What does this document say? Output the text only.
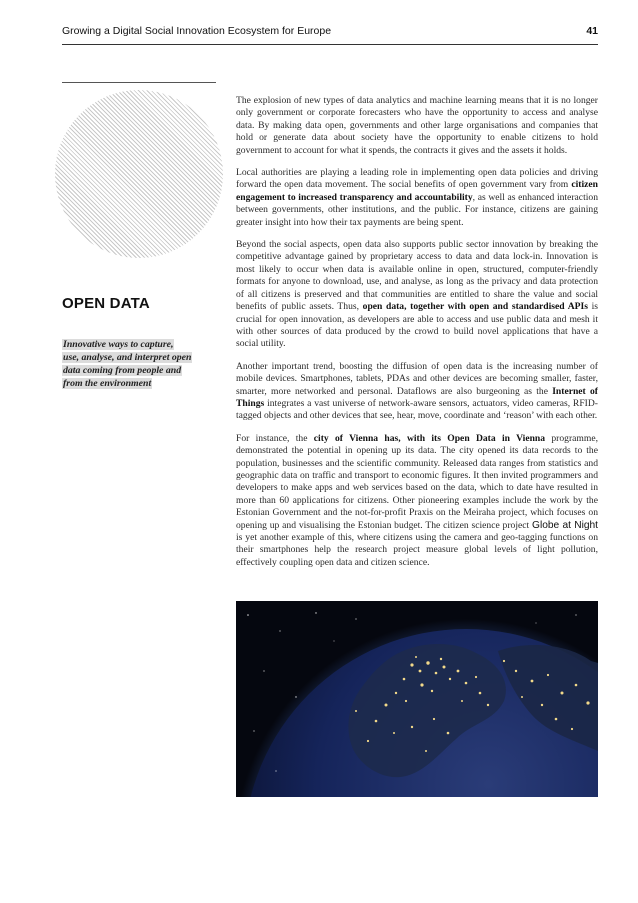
Growing a Digital Social Innovation Ecosystem for Europe	41
OPEN DATA
Innovative ways to capture,
use, analyse, and interpret open
data coming from people and
from the environment

The explosion of new types of data analytics and machine learning means that it is no longer only government or corporate forecasters who have the opportunity to access and analyse data. By making data open, governments and other large organisations and companies that hold or generate data about society have the opportunity to enable citizens to hold government to account for what it spends, the contracts it gives and the assets it holds.

Local authorities are playing a leading role in implementing open data policies and driving forward the open data movement. The social benefits of open government vary from citizen engagement to increased transparency and accountability, as well as enhanced interaction between governments, other institutions, and the public. For instance, citizens are gaining greater insight into how their tax payments are being spent.

Beyond the social aspects, open data also supports public sector innovation by breaking the competitive advantage gained by proprietary access to data and data lock-in. Innovation is most likely to occur when data is available online in open, structured, computer-friendly formats for anyone to download, use, and analyse, as long as the privacy and data protection of all citizens is preserved and that communities are entitled to share the value and social benefits of public assets. Thus, open data, together with open and standardised APIs is crucial for open innovation, as developers are able to access and use public data and mesh it with other sources of data produced by the crowd to build novel applications that have a social utility.

Another important trend, boosting the diffusion of open data is the increasing number of mobile devices. Smartphones, tablets, PDAs and other devices are becoming smaller, faster, smarter, more networked and personal. Dataflows are also burgeoning as the Internet of Things integrates a vast universe of network-aware sensors, actuators, video cameras, RFID-tagged objects and other devices that see, hear, move, coordinate and ‘reason’ with each other.

For instance, the city of Vienna has, with its Open Data in Vienna programme, demonstrated the potential in opening up its data. The city opened its data records to the population, businesses and the scientific community. Released data ranges from statistics and geographic data on traffic and transport to economic figures. It then invited programmers and developers to make apps and web services based on the data, which to date have resulted in more than 60 applications for citizens. Other pioneering examples include the work by the Estonian Government and the not-for-profit Praxis on the Meiraha project, which focuses on opening up and visualising the Estonian budget. The citizen science project Globe at Night is yet another example of this, where citizens using the camera and geo-tagging functions on their smartphones help the research project measure global levels of light pollution, effectively coupling open data and citizen science.
